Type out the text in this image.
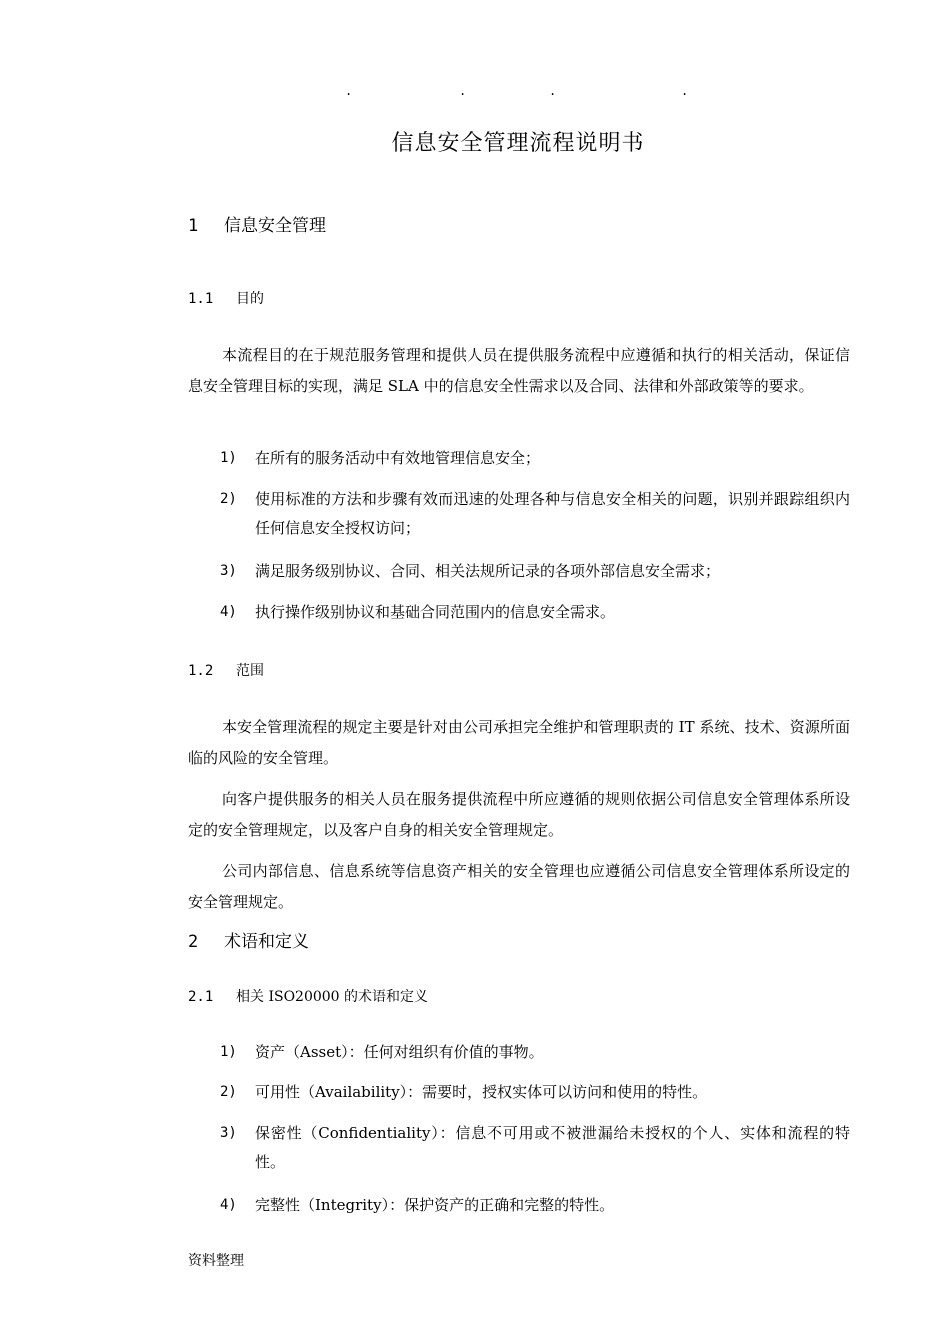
.	.	.	.
信息安全管理流程说明书
1 信息安全管理
1.1 目的
本流程目的在于规范服务管理和提供人员在提供服务流程中应遵循和执行的相关活动，保证信息安全管理目标的实现，满足 SLA 中的信息安全性需求以及合同、法律和外部政策等的要求。
1)	在所有的服务活动中有效地管理信息安全；
2)	使用标准的方法和步骤有效而迅速的处理各种与信息安全相关的问题，识别并跟踪组织内任何信息安全授权访问；
3)	满足服务级别协议、合同、相关法规所记录的各项外部信息安全需求；
4)	执行操作级别协议和基础合同范围内的信息安全需求。
1.2 范围
本安全管理流程的规定主要是针对由公司承担完全维护和管理职责的 IT 系统、技术、资源所面临的风险的安全管理。
向客户提供服务的相关人员在服务提供流程中所应遵循的规则依据公司信息安全管理体系所设定的安全管理规定，以及客户自身的相关安全管理规定。
公司内部信息、信息系统等信息资产相关的安全管理也应遵循公司信息安全管理体系所设定的安全管理规定。
2 术语和定义
2.1 相关 ISO20000 的术语和定义
1)	资产（Asset）：任何对组织有价值的事物。
2)	可用性（Availability）：需要时，授权实体可以访问和使用的特性。
3)	保密性（Confidentiality）：信息不可用或不被泄漏给未授权的个人、实体和流程的特性。
4)	完整性（Integrity）：保护资产的正确和完整的特性。
资料整理
